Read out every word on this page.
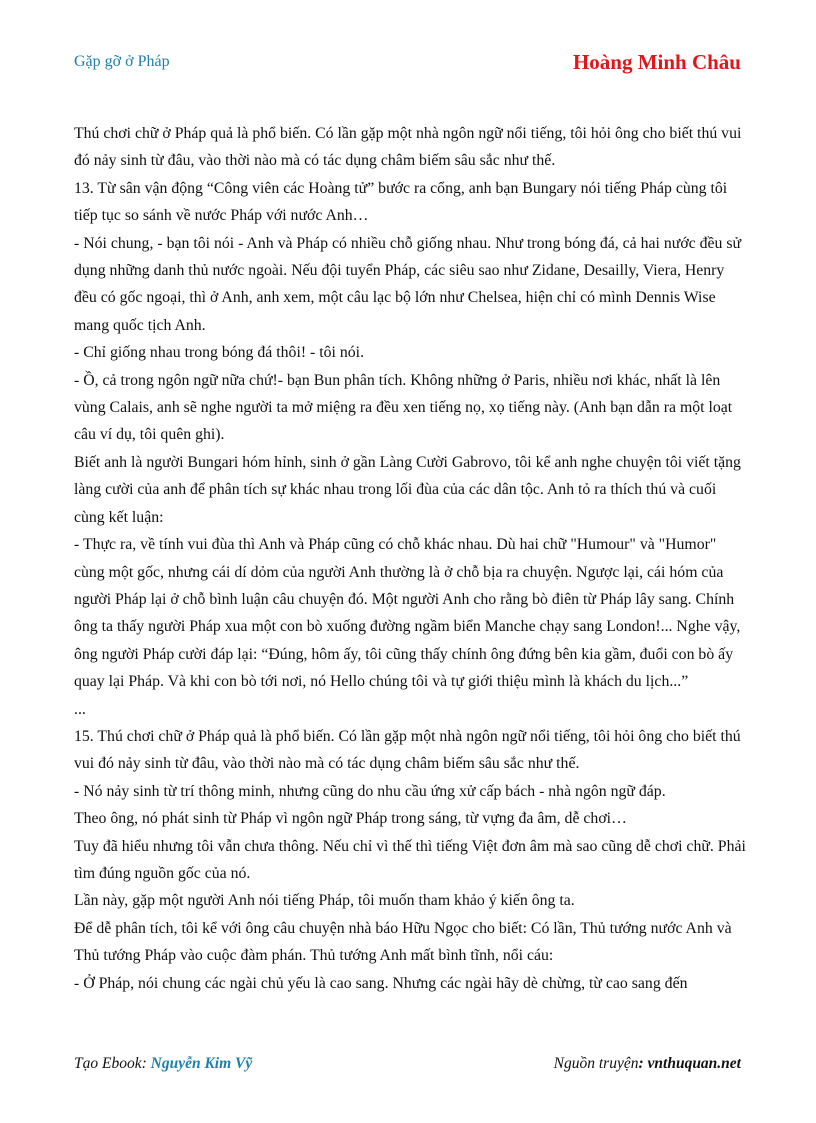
Gặp gỡ ở Pháp	Hoàng Minh Châu

Thú chơi chữ ở Pháp quả là phổ biến. Có lần gặp một nhà ngôn ngữ nổi tiếng, tôi hỏi ông cho biết thú vui đó nảy sinh từ đâu, vào thời nào mà có tác dụng châm biếm sâu sắc như thế.

13. Từ sân vận động “Công viên các Hoàng tử” bước ra cổng, anh bạn Bungary nói tiếng Pháp cùng tôi tiếp tục so sánh về nước Pháp với nước Anh…

- Nói chung, - bạn tôi nói - Anh và Pháp có nhiều chỗ giống nhau. Như trong bóng đá, cả hai nước đều sử dụng những danh thủ nước ngoài. Nếu đội tuyển Pháp, các siêu sao như Zidane, Desailly, Viera, Henry đều có gốc ngoại, thì ở Anh, anh xem, một câu lạc bộ lớn như Chelsea, hiện chỉ có mình Dennis Wise mang quốc tịch Anh.

- Chỉ giống nhau trong bóng đá thôi! - tôi nói.

- Ồ, cả trong ngôn ngữ nữa chứ!- bạn Bun phân tích. Không những ở Paris, nhiều nơi khác, nhất là lên vùng Calais, anh sẽ nghe người ta mở miệng ra đều xen tiếng nọ, xọ tiếng này. (Anh bạn dẫn ra một loạt câu ví dụ, tôi quên ghi).

Biết anh là người Bungari hóm hỉnh, sinh ở gần Làng Cười Gabrovo, tôi kể anh nghe chuyện tôi viết tặng làng cười của anh để phân tích sự khác nhau trong lối đùa của các dân tộc. Anh tỏ ra thích thú và cuối cùng kết luận:

- Thực ra, về tính vui đùa thì Anh và Pháp cũng có chỗ khác nhau. Dù hai chữ "Humour" và "Humor" cùng một gốc, nhưng cái dí dỏm của người Anh thường là ở chỗ bịa ra chuyện. Ngược lại, cái hóm của người Pháp lại ở chỗ bình luận câu chuyện đó. Một người Anh cho rằng bò điên từ Pháp lây sang. Chính ông ta thấy người Pháp xua một con bò xuống đường ngầm biển Manche chạy sang London!... Nghe vậy, ông người Pháp cười đáp lại: “Đúng, hôm ấy, tôi cũng thấy chính ông đứng bên kia gầm, đuổi con bò ấy quay lại Pháp. Và khi con bò tới nơi, nó Hello chúng tôi và tự giới thiệu mình là khách du lịch...”

...

15. Thú chơi chữ ở Pháp quả là phổ biến. Có lần gặp một nhà ngôn ngữ nổi tiếng, tôi hỏi ông cho biết thú vui đó nảy sinh từ đâu, vào thời nào mà có tác dụng châm biếm sâu sắc như thế.

- Nó nảy sinh từ trí thông minh, nhưng cũng do nhu cầu ứng xử cấp bách - nhà ngôn ngữ đáp.

Theo ông, nó phát sinh từ Pháp vì ngôn ngữ Pháp trong sáng, từ vựng đa âm, dễ chơi…

Tuy đã hiểu nhưng tôi vẫn chưa thông. Nếu chỉ vì thế thì tiếng Việt đơn âm mà sao cũng dễ chơi chữ. Phải tìm đúng nguồn gốc của nó.

Lần này, gặp một người Anh nói tiếng Pháp, tôi muốn tham khảo ý kiến ông ta.

Để dễ phân tích, tôi kể với ông câu chuyện nhà báo Hữu Ngọc cho biết: Có lần, Thủ tướng nước Anh và Thủ tướng Pháp vào cuộc đàm phán. Thủ tướng Anh mất bình tĩnh, nổi cáu:

- Ở Pháp, nói chung các ngài chủ yếu là cao sang. Nhưng các ngài hãy dè chừng, từ cao sang đến

Tạo Ebook: Nguyễn Kim Vỹ	Nguồn truyện: vnthuquan.net
